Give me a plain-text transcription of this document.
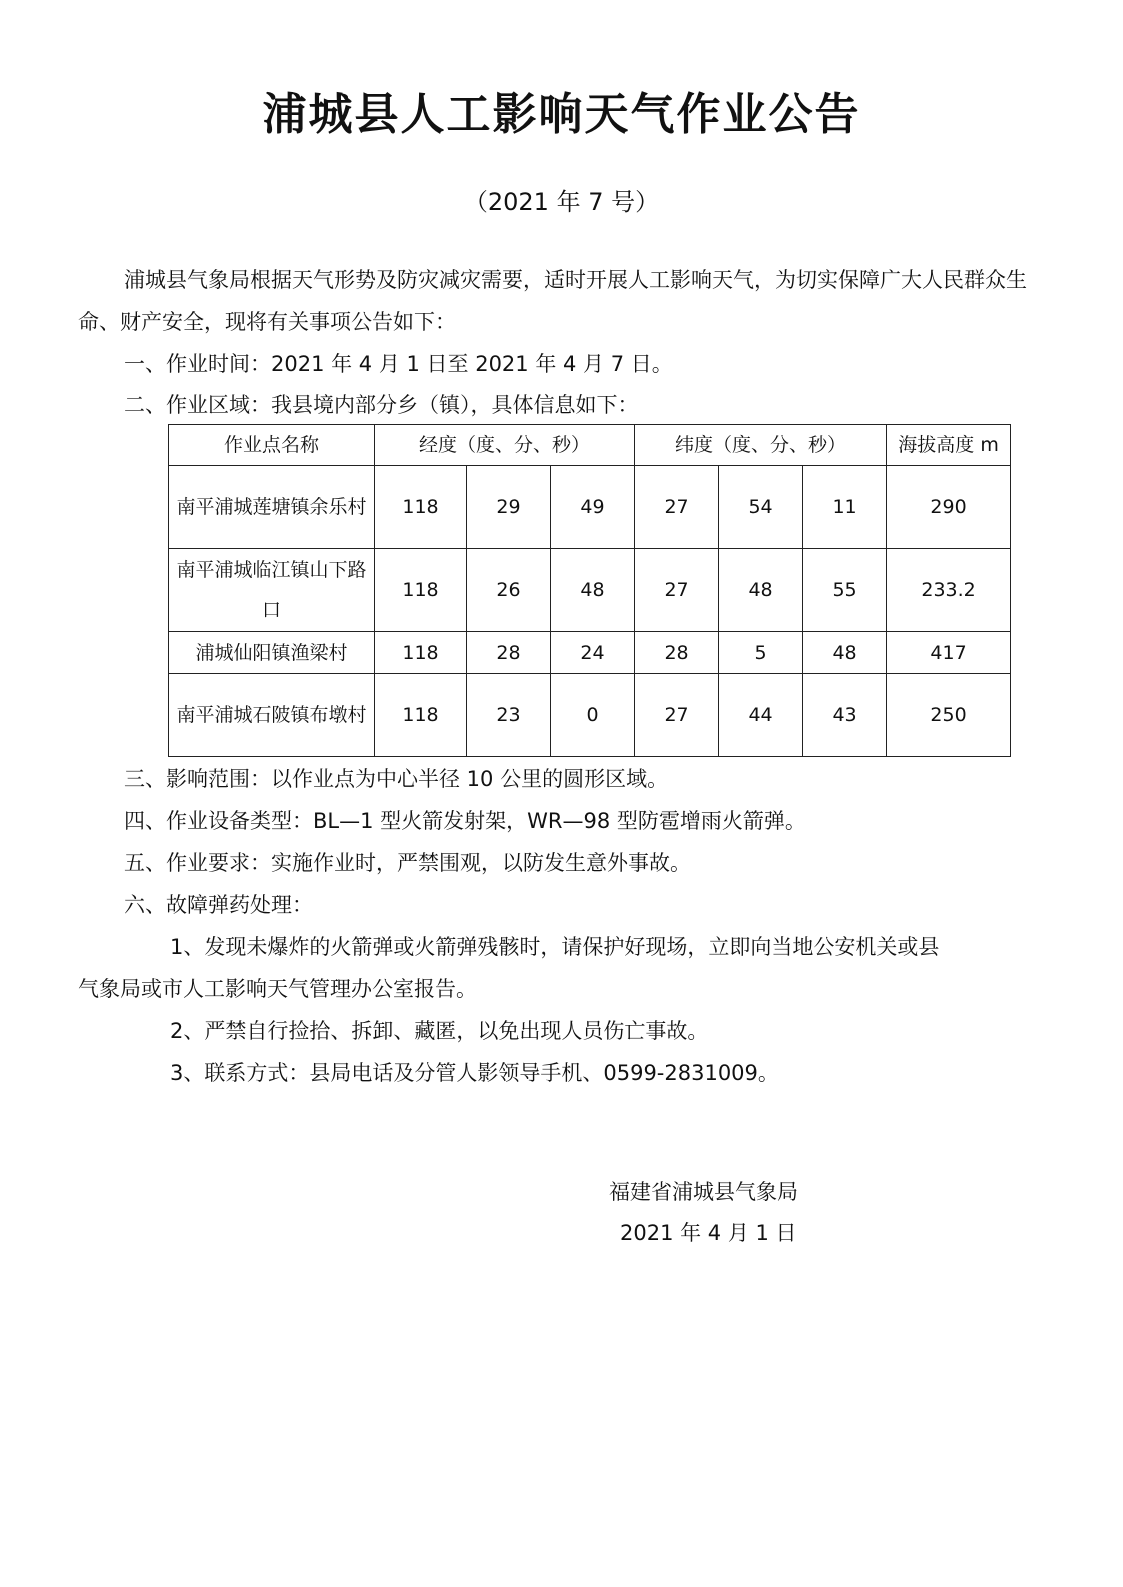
浦城县人工影响天气作业公告
（2021 年 7 号）
浦城县气象局根据天气形势及防灾减灾需要，适时开展人工影响天气，为切实保障广大人民群众生命、财产安全，现将有关事项公告如下：
一、作业时间：2021 年 4 月 1 日至 2021 年 4 月 7 日。
二、作业区域：我县境内部分乡（镇），具体信息如下：
作业点名称	经度（度、分、秒）			纬度（度、分、秒）			海拔高度 m
南平浦城莲塘镇余乐村	118	29	49	27	54	11	290
南平浦城临江镇山下路口	118	26	48	27	48	55	233.2
浦城仙阳镇渔梁村	118	28	24	28	5	48	417
南平浦城石陂镇布墩村	118	23	0	27	44	43	250
三、影响范围：以作业点为中心半径 10 公里的圆形区域。
四、作业设备类型：BL—1 型火箭发射架，WR—98 型防雹增雨火箭弹。
五、作业要求：实施作业时，严禁围观，以防发生意外事故。
六、故障弹药处理：
1、发现未爆炸的火箭弹或火箭弹残骸时，请保护好现场，立即向当地公安机关或县
气象局或市人工影响天气管理办公室报告。
2、严禁自行捡拾、拆卸、藏匿，以免出现人员伤亡事故。
3、联系方式：县局电话及分管人影领导手机、0599-2831009。
福建省浦城县气象局
2021 年 4 月 1 日
